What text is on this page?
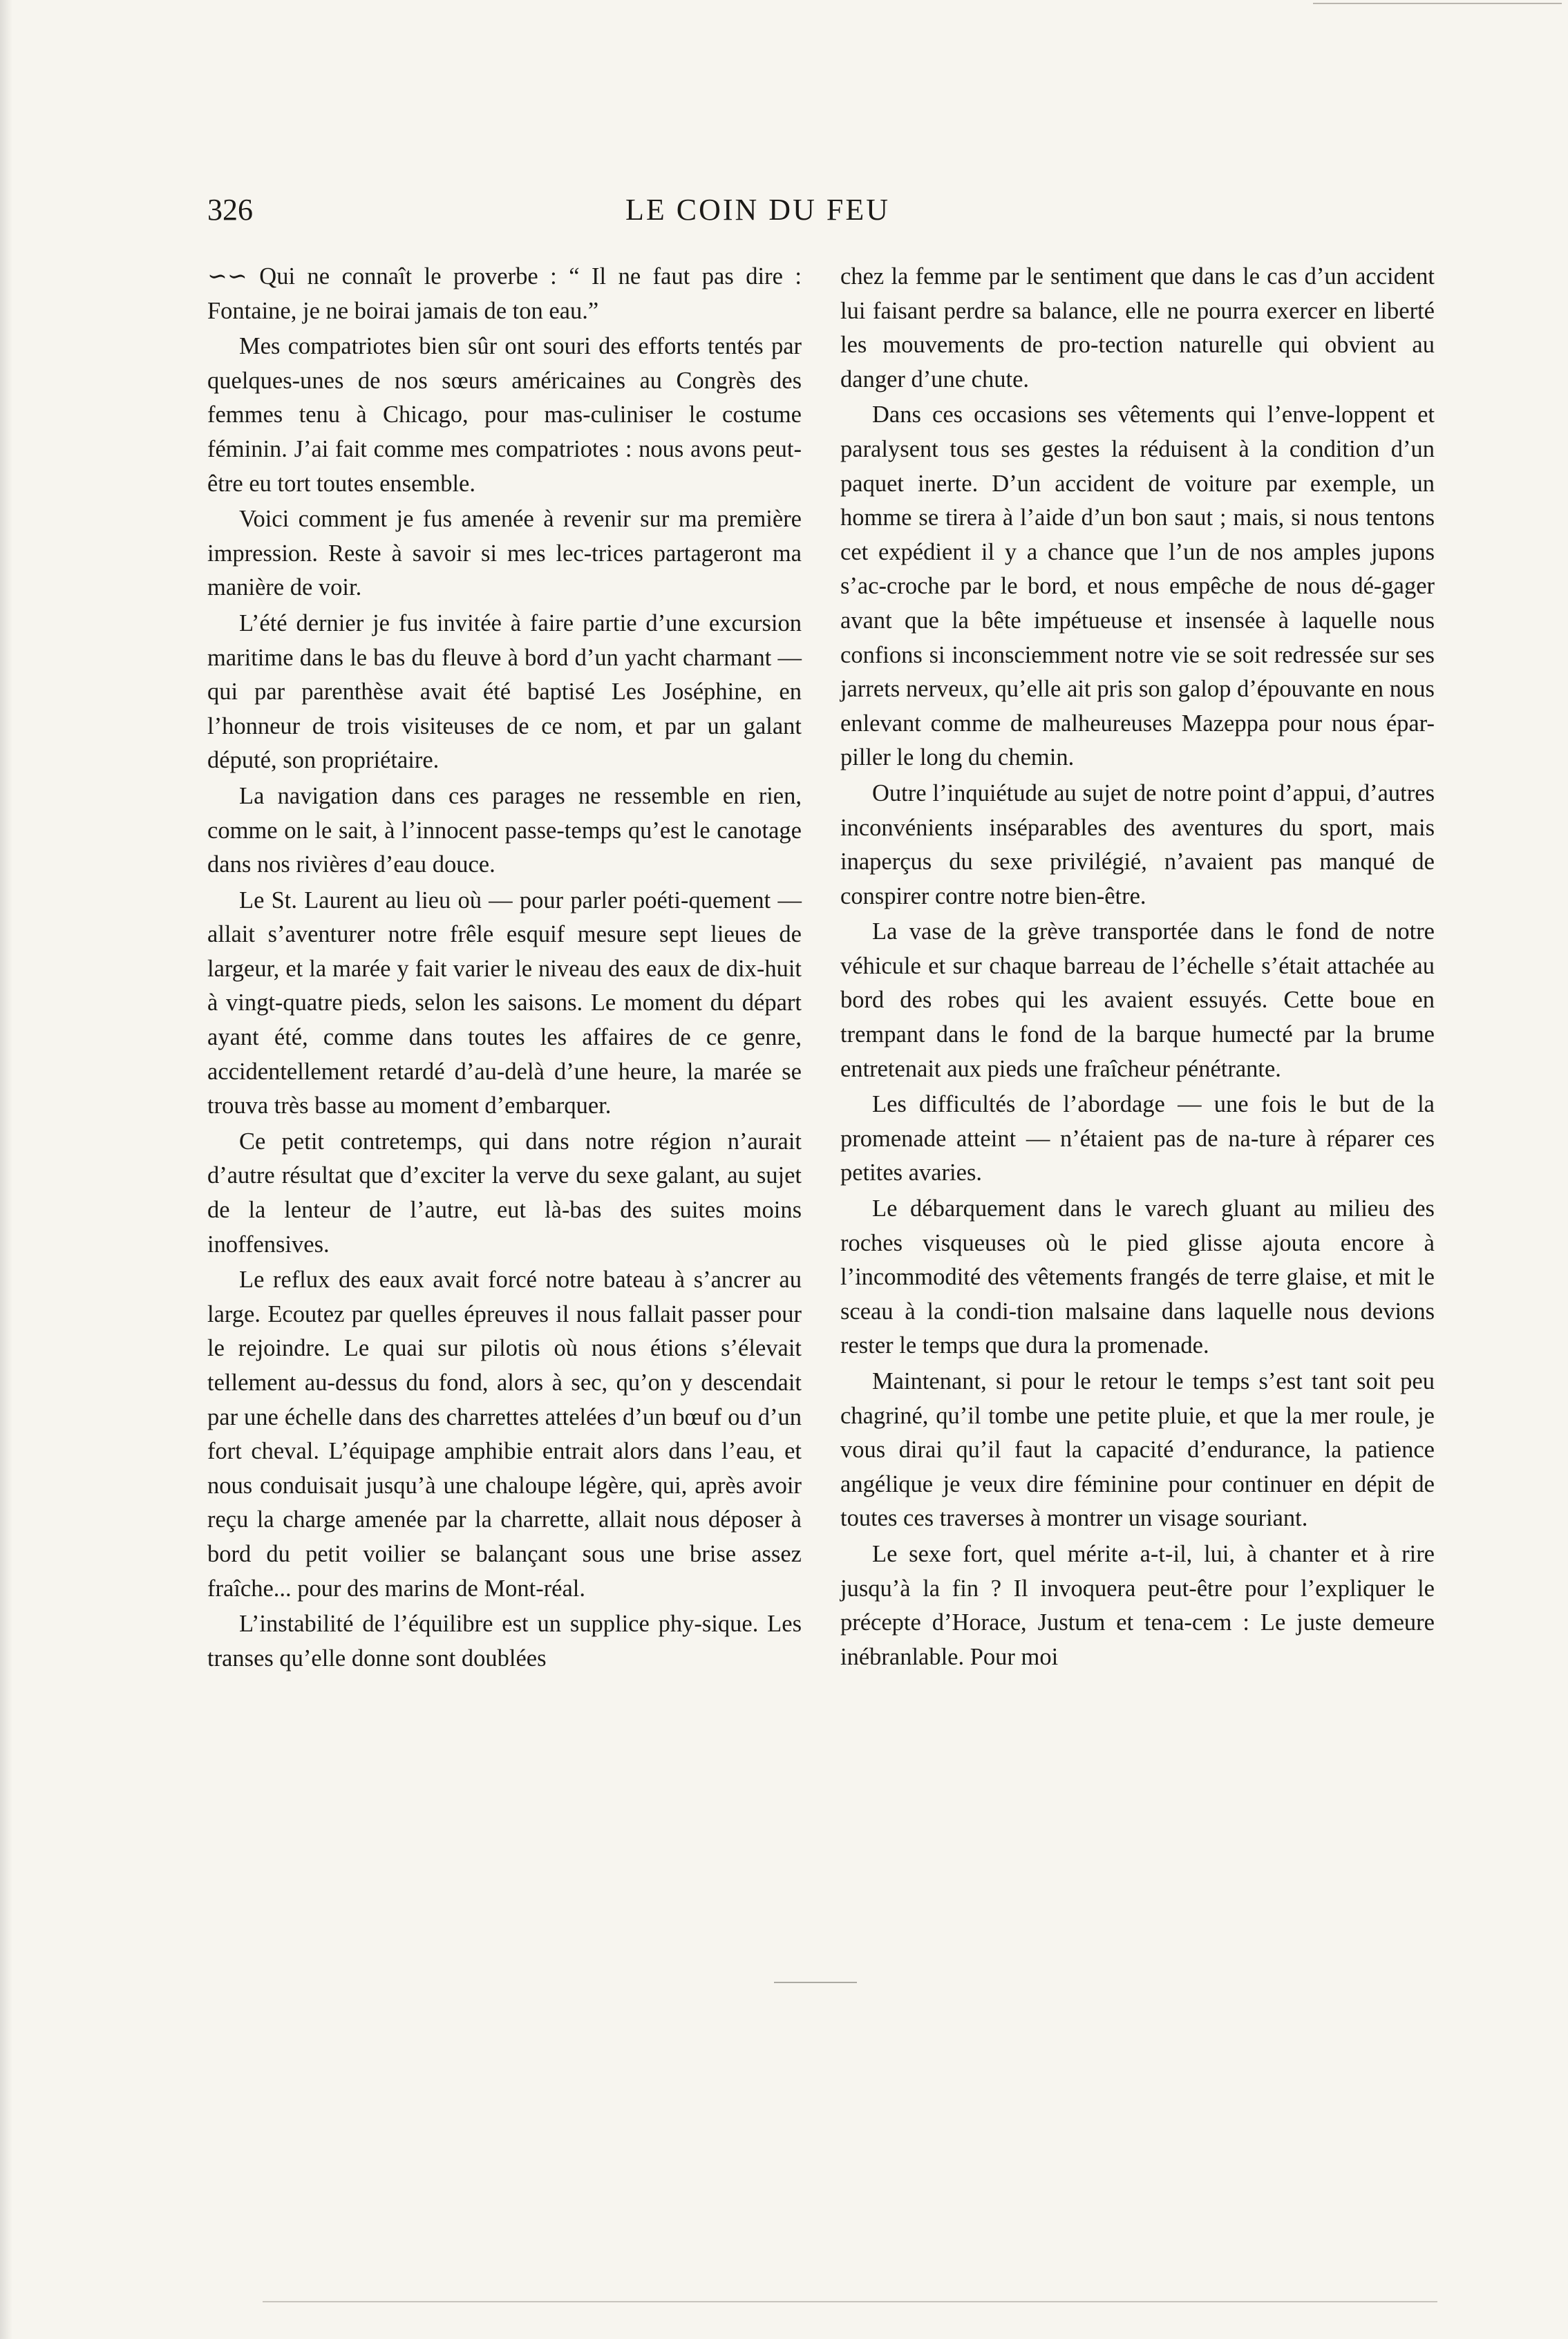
326	LE COIN DU FEU

∽∽ Qui ne connaît le proverbe : “ Il ne faut pas dire : Fontaine, je ne boirai jamais de ton eau.”

Mes compatriotes bien sûr ont souri des efforts tentés par quelques-unes de nos sœurs américaines au Congrès des femmes tenu à Chicago, pour mas-culiniser le costume féminin. J’ai fait comme mes compatriotes : nous avons peut-être eu tort toutes ensemble.

Voici comment je fus amenée à revenir sur ma première impression. Reste à savoir si mes lec-trices partageront ma manière de voir.

L’été dernier je fus invitée à faire partie d’une excursion maritime dans le bas du fleuve à bord d’un yacht charmant — qui par parenthèse avait été baptisé Les Joséphine, en l’honneur de trois visiteuses de ce nom, et par un galant député, son propriétaire.

La navigation dans ces parages ne ressemble en rien, comme on le sait, à l’innocent passe-temps qu’est le canotage dans nos rivières d’eau douce.

Le St. Laurent au lieu où — pour parler poéti-quement — allait s’aventurer notre frêle esquif mesure sept lieues de largeur, et la marée y fait varier le niveau des eaux de dix-huit à vingt-quatre pieds, selon les saisons. Le moment du départ ayant été, comme dans toutes les affaires de ce genre, accidentellement retardé d’au-delà d’une heure, la marée se trouva très basse au moment d’embarquer.

Ce petit contretemps, qui dans notre région n’aurait d’autre résultat que d’exciter la verve du sexe galant, au sujet de la lenteur de l’autre, eut là-bas des suites moins inoffensives.

Le reflux des eaux avait forcé notre bateau à s’ancrer au large. Ecoutez par quelles épreuves il nous fallait passer pour le rejoindre. Le quai sur pilotis où nous étions s’élevait tellement au-dessus du fond, alors à sec, qu’on y descendait par une échelle dans des charrettes attelées d’un bœuf ou d’un fort cheval. L’équipage amphibie entrait alors dans l’eau, et nous conduisait jusqu’à une chaloupe légère, qui, après avoir reçu la charge amenée par la charrette, allait nous déposer à bord du petit voilier se balançant sous une brise assez fraîche... pour des marins de Mont-réal.

L’instabilité de l’équilibre est un supplice phy-sique. Les transes qu’elle donne sont doublées

chez la femme par le sentiment que dans le cas d’un accident lui faisant perdre sa balance, elle ne pourra exercer en liberté les mouvements de pro-tection naturelle qui obvient au danger d’une chute.

Dans ces occasions ses vêtements qui l’enve-loppent et paralysent tous ses gestes la réduisent à la condition d’un paquet inerte. D’un accident de voiture par exemple, un homme se tirera à l’aide d’un bon saut ; mais, si nous tentons cet expédient il y a chance que l’un de nos amples jupons s’ac-croche par le bord, et nous empêche de nous dé-gager avant que la bête impétueuse et insensée à laquelle nous confions si inconsciemment notre vie se soit redressée sur ses jarrets nerveux, qu’elle ait pris son galop d’épouvante en nous enlevant comme de malheureuses Mazeppa pour nous épar-piller le long du chemin.

Outre l’inquiétude au sujet de notre point d’appui, d’autres inconvénients inséparables des aventures du sport, mais inaperçus du sexe privilégié, n’avaient pas manqué de conspirer contre notre bien-être.

La vase de la grève transportée dans le fond de notre véhicule et sur chaque barreau de l’échelle s’était attachée au bord des robes qui les avaient essuyés. Cette boue en trempant dans le fond de la barque humecté par la brume entretenait aux pieds une fraîcheur pénétrante.

Les difficultés de l’abordage — une fois le but de la promenade atteint — n’étaient pas de na-ture à réparer ces petites avaries.

Le débarquement dans le varech gluant au milieu des roches visqueuses où le pied glisse ajouta encore à l’incommodité des vêtements frangés de terre glaise, et mit le sceau à la condi-tion malsaine dans laquelle nous devions rester le temps que dura la promenade.

Maintenant, si pour le retour le temps s’est tant soit peu chagriné, qu’il tombe une petite pluie, et que la mer roule, je vous dirai qu’il faut la capacité d’endurance, la patience angélique je veux dire féminine pour continuer en dépit de toutes ces traverses à montrer un visage souriant.

Le sexe fort, quel mérite a-t-il, lui, à chanter et à rire jusqu’à la fin ? Il invoquera peut-être pour l’expliquer le précepte d’Horace, Justum et tena-cem : Le juste demeure inébranlable. Pour moi
